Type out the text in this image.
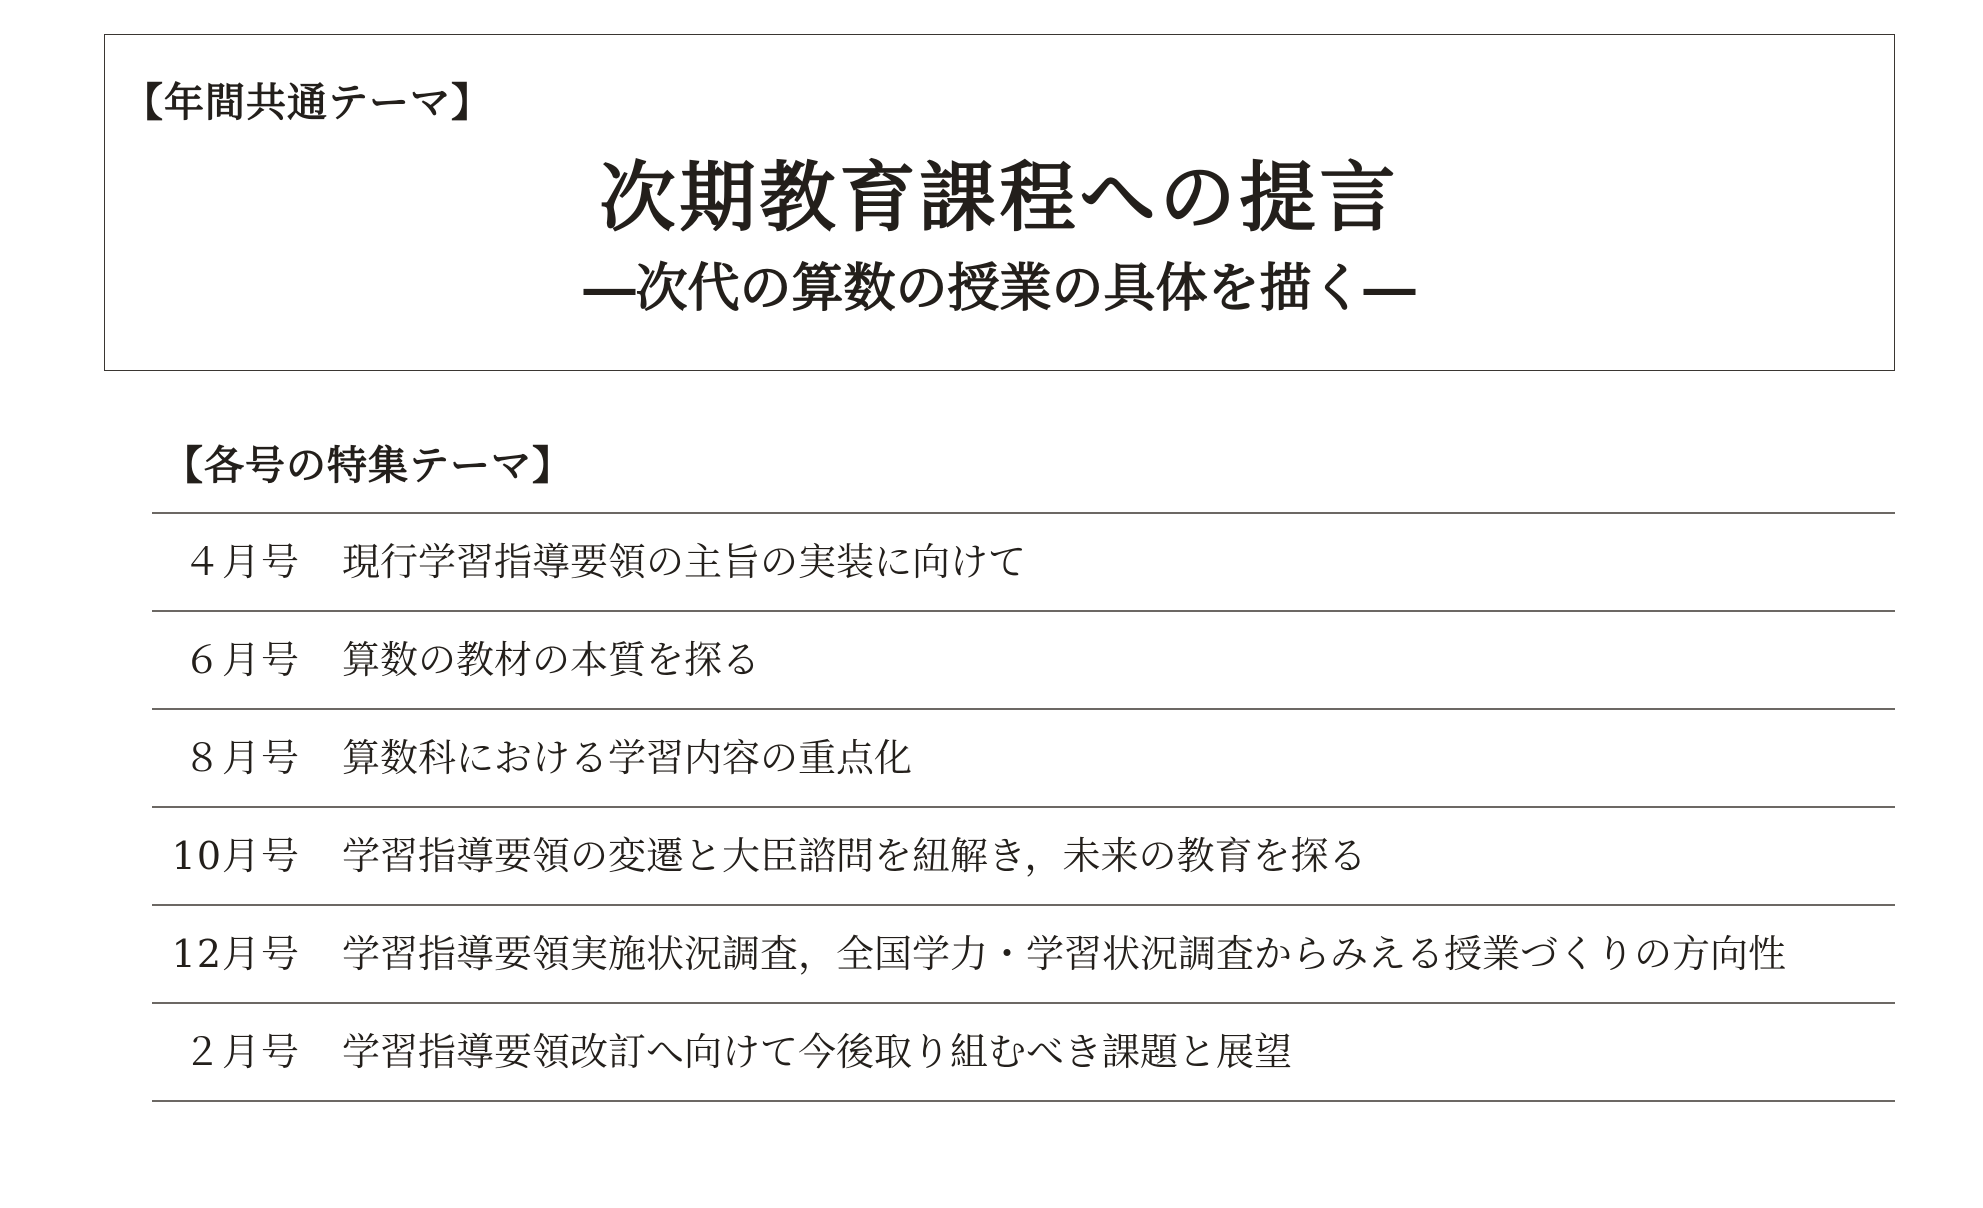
【年間共通テーマ】
次期教育課程への提言
―次代の算数の授業の具体を描く―
【各号の特集テーマ】
４月号 現行学習指導要領の主旨の実装に向けて
６月号 算数の教材の本質を探る
８月号 算数科における学習内容の重点化
10月号 学習指導要領の変遷と大臣諮問を紐解き，未来の教育を探る
12月号 学習指導要領実施状況調査，全国学力・学習状況調査からみえる授業づくりの方向性
２月号 学習指導要領改訂へ向けて今後取り組むべき課題と展望
